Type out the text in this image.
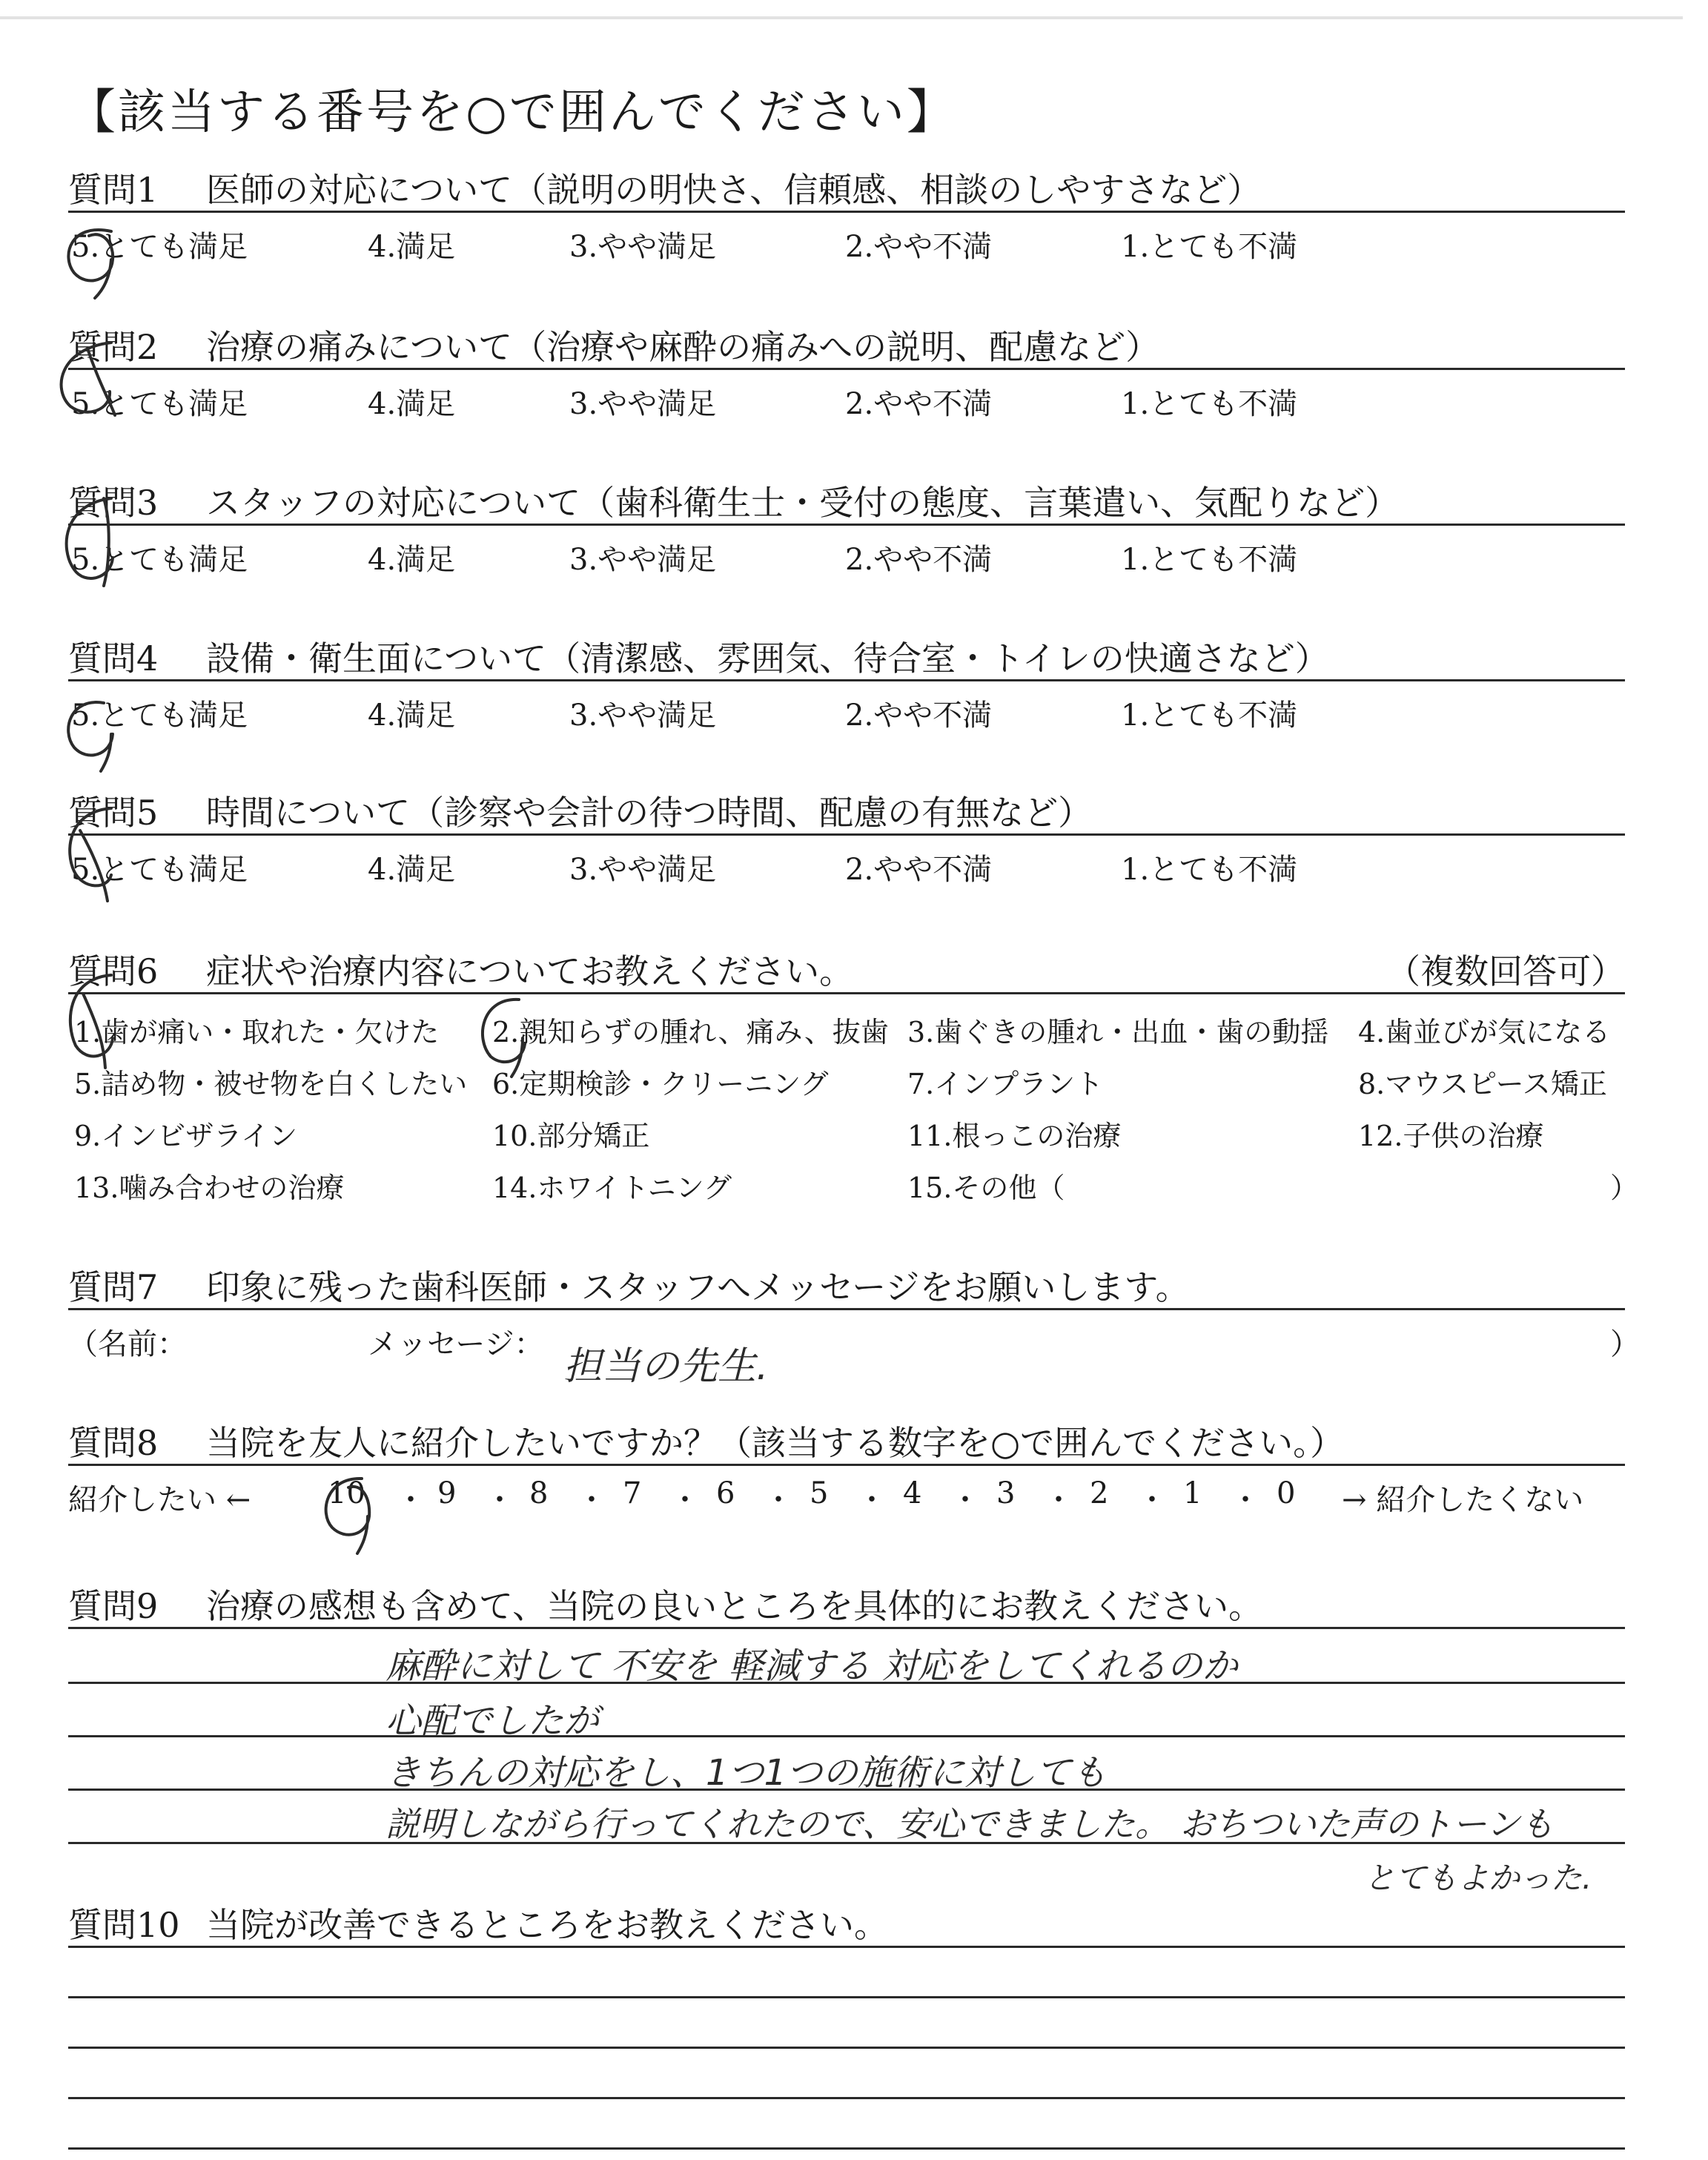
【該当する番号を○で囲んでください】
質問1	医師の対応について（説明の明快さ、信頼感、相談のしやすさなど）
5.とても満足	4.満足	3.やや満足	2.やや不満	1.とても不満
質問2	治療の痛みについて（治療や麻酔の痛みへの説明、配慮など）
5.とても満足	4.満足	3.やや満足	2.やや不満	1.とても不満
質問3	スタッフの対応について（歯科衛生士・受付の態度、言葉遣い、気配りなど）
5.とても満足	4.満足	3.やや満足	2.やや不満	1.とても不満
質問4	設備・衛生面について（清潔感、雰囲気、待合室・トイレの快適さなど）
5.とても満足	4.満足	3.やや満足	2.やや不満	1.とても不満
質問5	時間について（診察や会計の待つ時間、配慮の有無など）
5.とても満足	4.満足	3.やや満足	2.やや不満	1.とても不満
質問6	症状や治療内容についてお教えください。	（複数回答可）
1.歯が痛い・取れた・欠けた 2.親知らずの腫れ、痛み、抜歯 3.歯ぐきの腫れ・出血・歯の動揺 4.歯並びが気になる
5.詰め物・被せ物を白くしたい 6.定期検診・クリーニング	7.インプラント	8.マウスピース矯正
9.インビザライン	10.部分矯正	11.根っこの治療	12.子供の治療
13.噛み合わせの治療	14.ホワイトニング	15.その他（	）
質問7	印象に残った歯科医師・スタッフへメッセージをお願いします。
（名前：	メッセージ：	）
担当の先生.
質問8	当院を友人に紹介したいですか？（該当する数字を○で囲んでください。）
紹介したい ←	10 ・ 9 ・ 8 ・ 7 ・ 6 ・ 5 ・ 4 ・ 3 ・ 2 ・ 1 ・ 0 → 紹介したくない
質問9	治療の感想も含めて、当院の良いところを具体的にお教えください。
麻酔に対して 不安を 軽減する 対応をしてくれるのか
心配でしたが
きちんの対応をし、1つ1つの施術に対しても
説明しながら行ってくれたので、安心できました。 おちついた声のトーンも
とてもよかった.
質問10 当院が改善できるところをお教えください。
